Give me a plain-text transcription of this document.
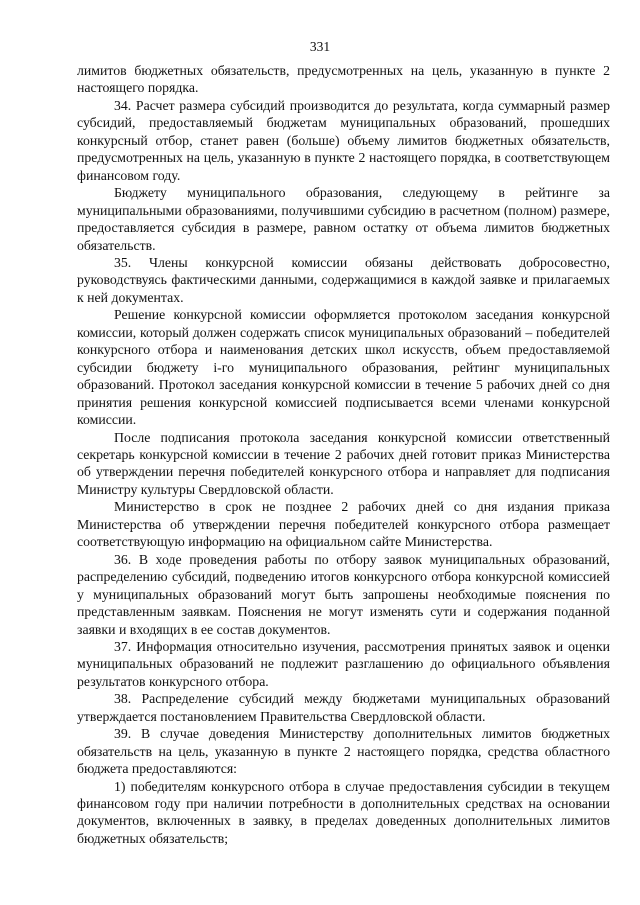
331

лимитов бюджетных обязательств, предусмотренных на цель, указанную в пункте 2 настоящего порядка.

34. Расчет размера субсидий производится до результата, когда суммарный размер субсидий, предоставляемый бюджетам муниципальных образований, прошедших конкурсный отбор, станет равен (больше) объему лимитов бюджетных обязательств, предусмотренных на цель, указанную в пункте 2 настоящего порядка, в соответствующем финансовом году.

Бюджету муниципального образования, следующему в рейтинге за муниципальными образованиями, получившими субсидию в расчетном (полном) размере, предоставляется субсидия в размере, равном остатку от объема лимитов бюджетных обязательств.

35. Члены конкурсной комиссии обязаны действовать добросовестно, руководствуясь фактическими данными, содержащимися в каждой заявке и прилагаемых к ней документах.

Решение конкурсной комиссии оформляется протоколом заседания конкурсной комиссии, который должен содержать список муниципальных образований – победителей конкурсного отбора и наименования детских школ искусств, объем предоставляемой субсидии бюджету i-го муниципального образования, рейтинг муниципальных образований. Протокол заседания конкурсной комиссии в течение 5 рабочих дней со дня принятия решения конкурсной комиссией подписывается всеми членами конкурсной комиссии.

После подписания протокола заседания конкурсной комиссии ответственный секретарь конкурсной комиссии в течение 2 рабочих дней готовит приказ Министерства об утверждении перечня победителей конкурсного отбора и направляет для подписания Министру культуры Свердловской области.

Министерство в срок не позднее 2 рабочих дней со дня издания приказа Министерства об утверждении перечня победителей конкурсного отбора размещает соответствующую информацию на официальном сайте Министерства.

36. В ходе проведения работы по отбору заявок муниципальных образований, распределению субсидий, подведению итогов конкурсного отбора конкурсной комиссией у муниципальных образований могут быть запрошены необходимые пояснения по представленным заявкам. Пояснения не могут изменять сути и содержания поданной заявки и входящих в ее состав документов.

37. Информация относительно изучения, рассмотрения принятых заявок и оценки муниципальных образований не подлежит разглашению до официального объявления результатов конкурсного отбора.

38. Распределение субсидий между бюджетами муниципальных образований утверждается постановлением Правительства Свердловской области.

39. В случае доведения Министерству дополнительных лимитов бюджетных обязательств на цель, указанную в пункте 2 настоящего порядка, средства областного бюджета предоставляются:

1) победителям конкурсного отбора в случае предоставления субсидии в текущем финансовом году при наличии потребности в дополнительных средствах на основании документов, включенных в заявку, в пределах доведенных дополнительных лимитов бюджетных обязательств;
